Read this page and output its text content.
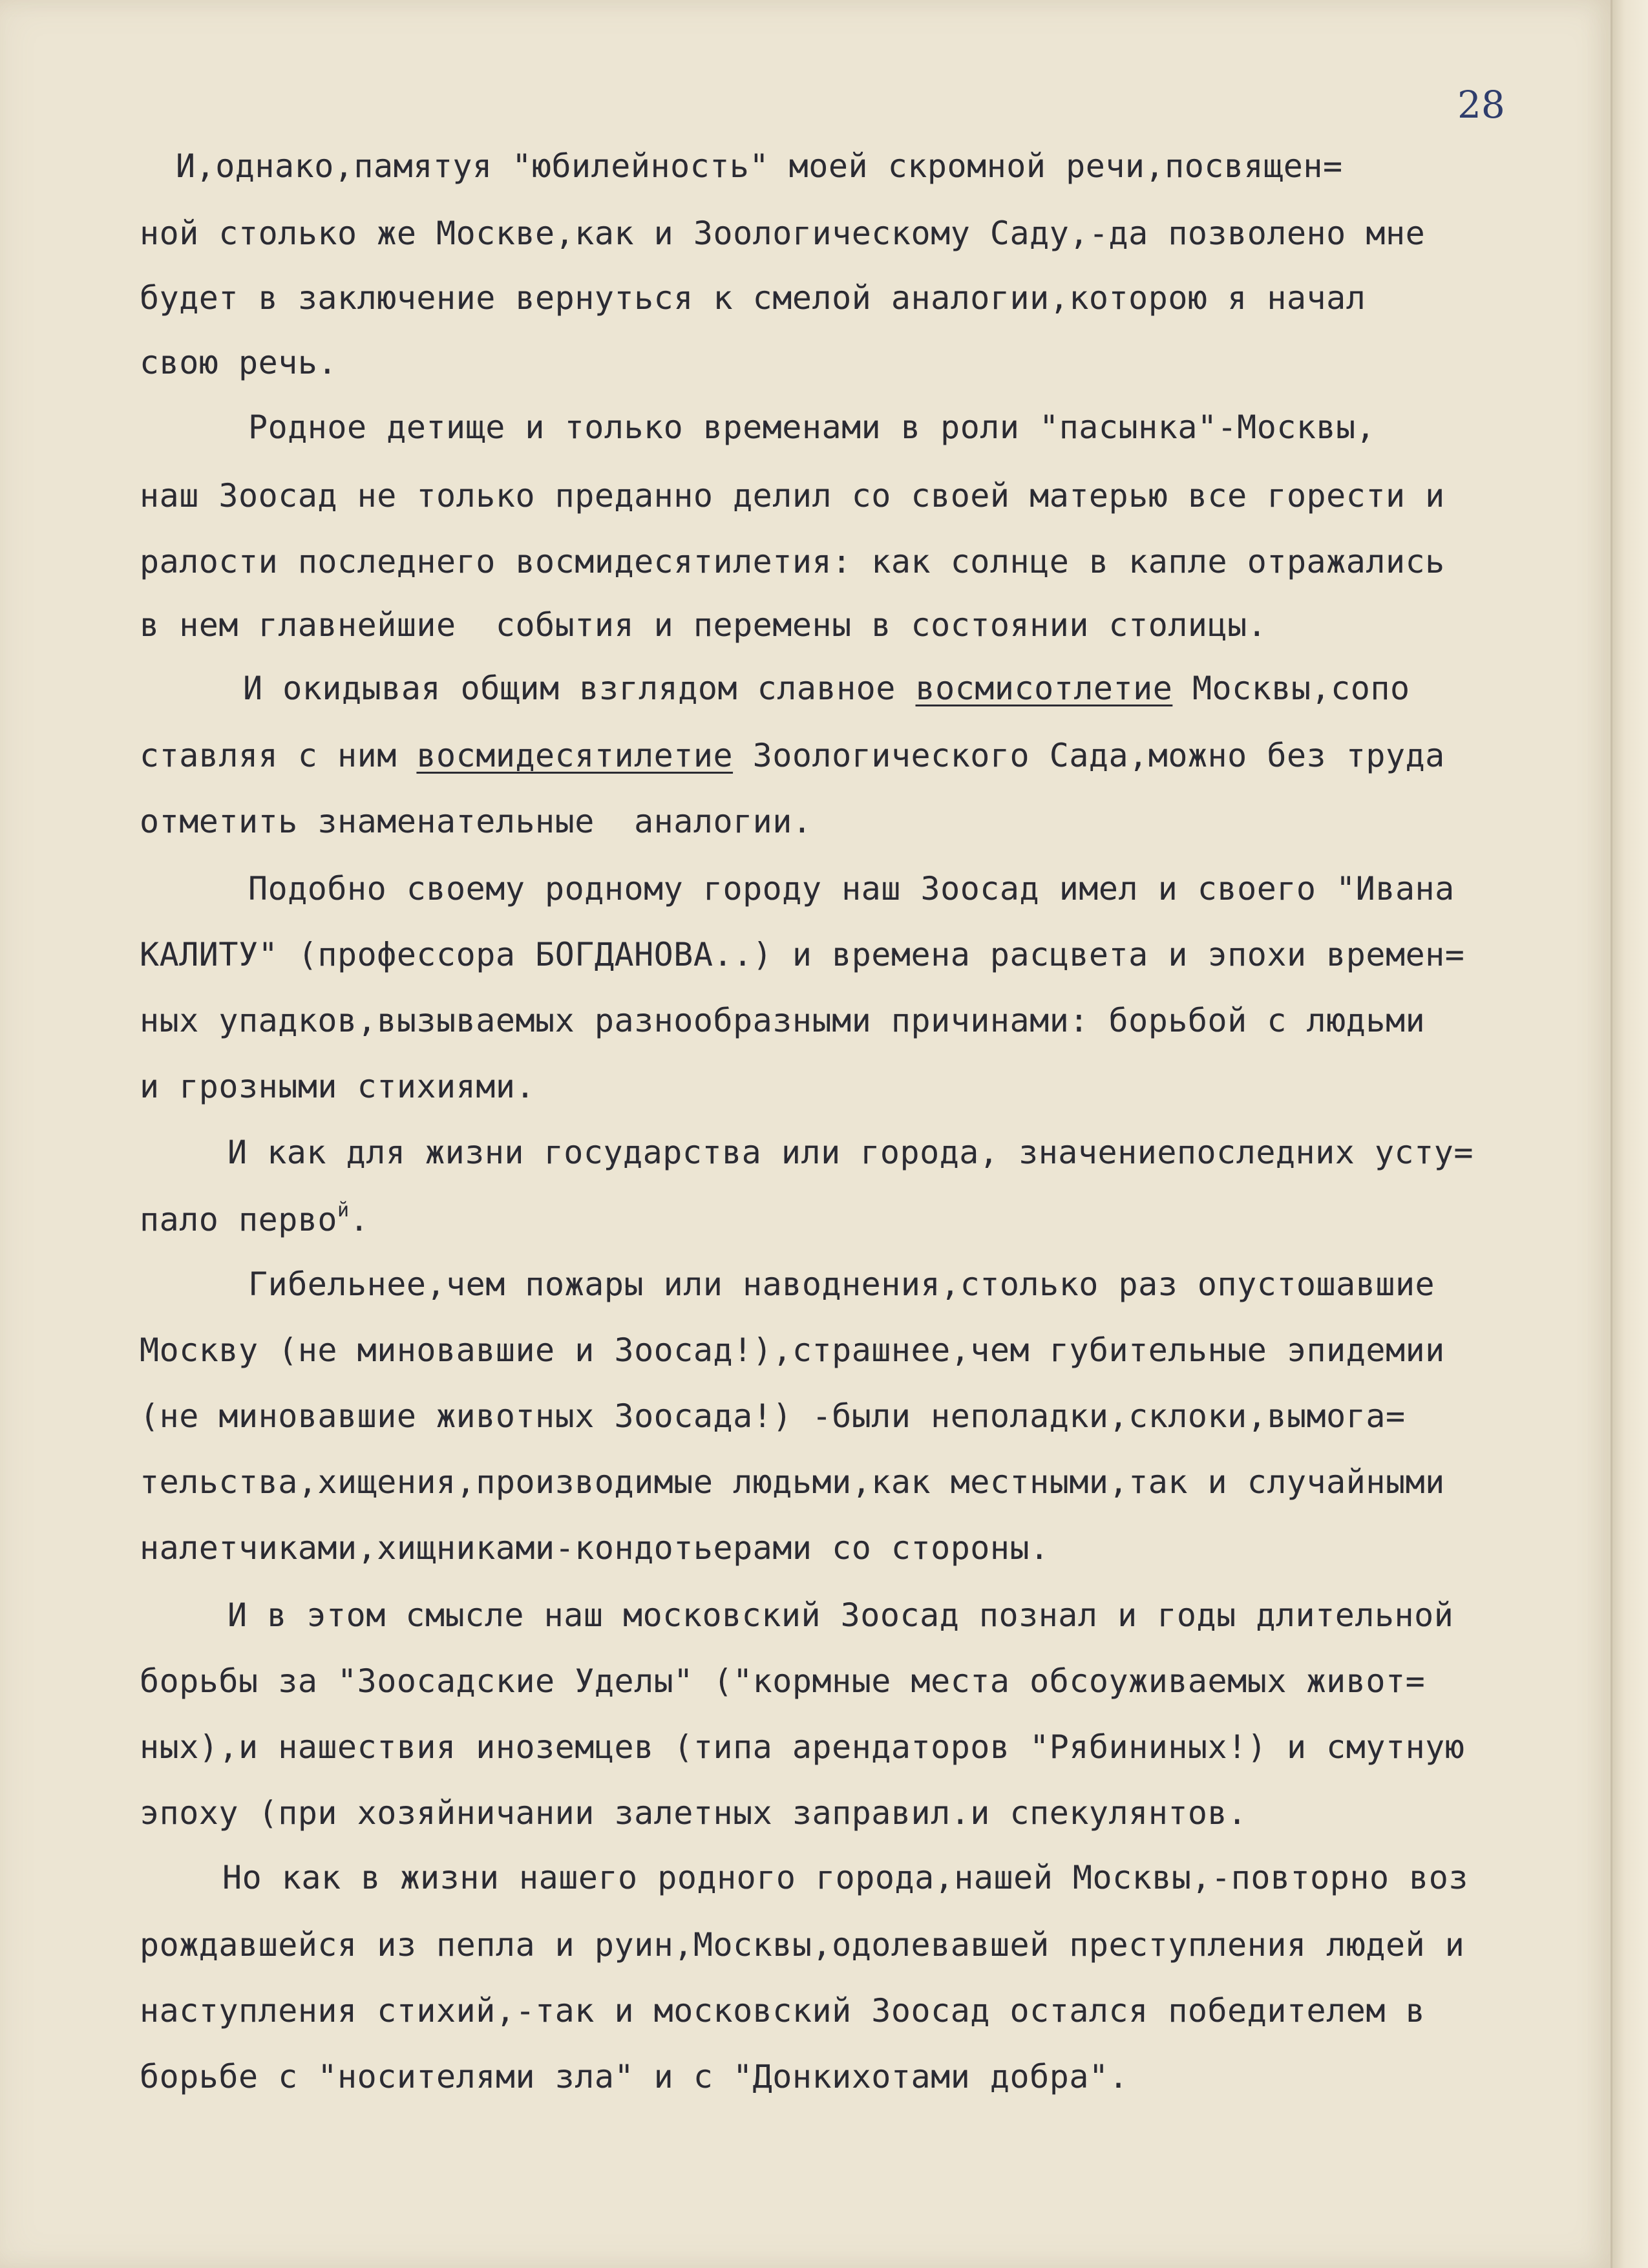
28
И,однако,памятуя "юбилейность" моей скромной речи,посвящен=
ной столько же Москве,как и Зоологическому Саду,-да позволено мне
будет в заключение вернуться к смелой аналогии,которою я начал
свою речь.
Родное детище и только временами в роли "пасынка"-Москвы,
наш Зоосад не только преданно делил со своей матерью все горести и
ралости последнего восмидесятилетия: как солнце в капле отражались
в нем главнейшие  события и перемены в состоянии столицы.
И окидывая общим взглядом славное восмисотлетие Москвы,сопо
ставляя с ним восмидесятилетие Зоологического Сада,можно без труда
отметить знаменательные  аналогии.
Подобно своему родному городу наш Зоосад имел и своего "Ивана
КАЛИТУ" (профессора БОГДАНОВА..) и времена расцвета и эпохи времен=
ных упадков,вызываемых разнообразными причинами: борьбой с людьми
и грозными стихиями.
И как для жизни государства или города, значениепоследних усту=
пало перво$^й$.
Гибельнее,чем пожары или наводнения,столько раз опустошавшие
Москву (не миновавшие и Зоосад!),страшнее,чем губительные эпидемии
(не миновавшие животных Зоосада!) -были неполадки,склоки,вымога=
тельства,хищения,производимые людьми,как местными,так и случайными
налетчиками,хищниками-кондотьерами со стороны.
И в этом смысле наш московский Зоосад познал и годы длительной
борьбы за "Зоосадские Уделы" ("кормные места обсоуживаемых живот=
ных),и нашествия иноземцев (типа арендаторов "Рябининых!) и смутную
эпоху (при хозяйничании залетных заправил.и спекулянтов.
Но как в жизни нашего родного города,нашей Москвы,-повторно воз
рождавшейся из пепла и руин,Москвы,одолевавшей преступления людей и
наступления стихий,-так и московский Зоосад остался победителем в
борьбе с "носителями зла" и с "Донкихотами добра".
